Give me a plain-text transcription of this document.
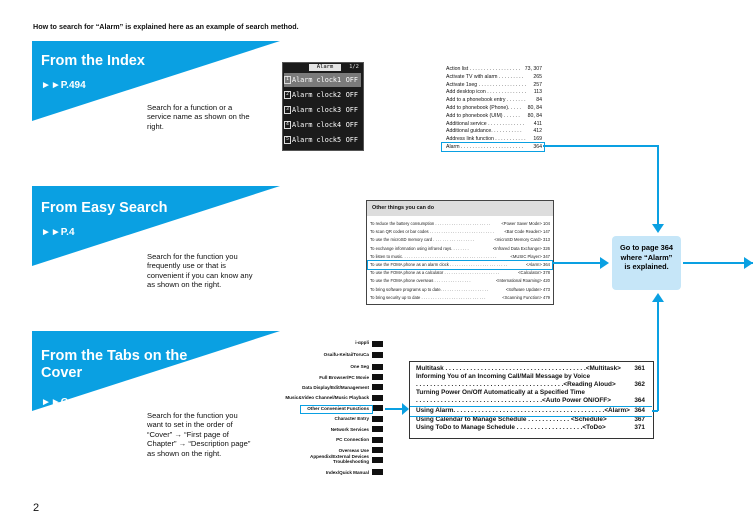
How to search for “Alarm” is explained here as an example of search method.
From the Index
►►P.494
Search for a function or a
service name as shown on the
right.
Alarm	1/2
1 Alarm clock1 OFF
2 Alarm clock2 OFF
3 Alarm clock3 OFF
4 Alarm clock4 OFF
5 Alarm clock5 OFF
Action list . . . . . . . . . . . . . . . . . . 73, 307
Activate TV with alarm . . . . . . . . . 265
Activate 1seg . . . . . . . . . . . . . . . . . 257
Add desktop icon . . . . . . . . . . . . . . 113
Add to a phonebook entry . . . . . . . 84
Add to phonebook (Phone). . . . . 80, 84
Add to phonebook (UIM) . . . . . . 80, 84
Additional service . . . . . . . . . . . . . 411
Additional guidance. . . . . . . . . . . 412
Address link function . . . . . . . . . . . 169
Alarm . . . . . . . . . . . . . . . . . . . . . . 364
From Easy Search
►►P.4
Search for the function you
frequently use or that is
convenient if you can know any
as shown on the right.
Other things you can do
To reduce the battery consumption . . . . . . . . . . . . . . . . . . . . . . . .	<Power Saver Mode> 104
To scan QR codes or bar codes . . . . . . . . . . . . . . . . . . . . . . . . . . . .	<Bar Code Reader> 147
To use the microSD memory card . . . . . . . . . . . . . . . . . .	<microSD Memory Card> 313
To exchange information using infrared rays. . . . . . . .	<Infrared Data Exchange> 326
To listen to music. . . . . . . . . . . . . . . . . . . . . . . . . . . . . . . . . . . . . . . . .	<MUSIC Player> 347
To use the FOMA phone as an alarm clock . . . . . . . . . . . . . . . . . . . . . . . . .	<Alarm> 364
To use the FOMA phone as a calculator . . . . . . . . . . . . . . . . . . . . . . . .	<Calculator> 378
To use the FOMA phone overseas . . . . . . . . . . . . . . . .	<International Roaming> 420
To bring software programs up to date. . . . . . . . . . . . . . . . . . . . .	<Software Update> 473
To bring security up to date . . . . . . . . . . . . . . . . . . . . . . . . . . . .	<Scanning Function> 479
From the Tabs on the
Cover
►►Cover page
Search for the function you
want to set in the order of
“Cover” → “First page of
Chapter” → “Description page”
as shown on the right.
i-αppli
Osaifu-Keitai/ToruCa
One Seg
Full Browser/PC Movie
Data Display/Edit/Management
Music&Video Channel/Music Playback
Other Convenient Functions
Character Entry
Network Services
PC Connection
Overseas Use
Appendix/External Devices
Troubleshooting
Index/Quick Manual
Multitask . . . . . . . . . . . . . . . . . . . . . . . . . . . . . . . . . . . . . . . .<Multitask> 361
Informing You of an Incoming Call/Mail Message by Voice
. . . . . . . . . . . . . . . . . . . . . . . . . . . . . . . . . . . . . . . . . .<Reading Aloud>	362
Turning Power On/Off Automatically at a Specified Time
. . . . . . . . . . . . . . . . . . . . . . . . . . . . . . . . . . . .<Auto Power ON/OFF>	364
Using Alarm. . . . . . . . . . . . . . . . . . . . . . . . . . . . . . . . . . . . . . . . . . .<Alarm> 364
Using Calendar to Manage Schedule . . . . . . . . . . . . <Schedule>	367
Using ToDo to Manage Schedule . . . . . . . . . . . . . . . . . . .<ToDo>	371
Go to page 364
where “Alarm”
is explained.
2
